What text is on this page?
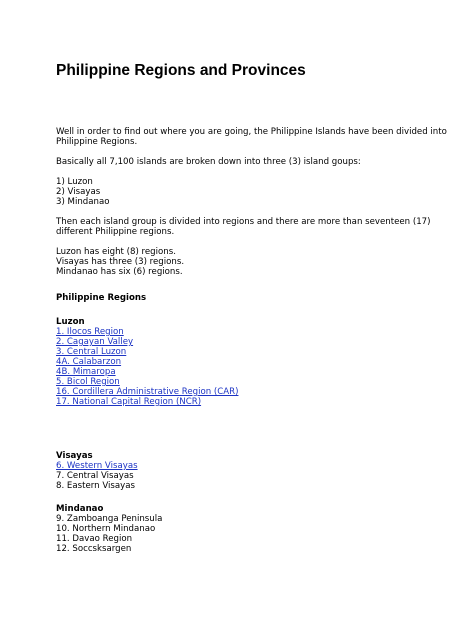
Philippine Regions and Provinces

Well in order to find out where you are going, the Philippine Islands have been divided into Philippine Regions.

Basically all 7,100 islands are broken down into three (3) island goups:

1) Luzon
2) Visayas
3) Mindanao

Then each island group is divided into regions and there are more than seventeen (17) different Philippine regions.

Luzon has eight (8) regions.
Visayas has three (3) regions.
Mindanao has six (6) regions.
Philippine Regions
Luzon
1. Ilocos Region
2. Cagayan Valley
3. Central Luzon
4A. Calabarzon
4B. Mimaropa
5. Bicol Region
16. Cordillera Administrative Region (CAR)
17. National Capital Region (NCR)
Visayas
6. Western Visayas
7. Central Visayas
8. Eastern Visayas
Mindanao
9. Zamboanga Peninsula
10. Northern Mindanao
11. Davao Region
12. Soccsksargen
